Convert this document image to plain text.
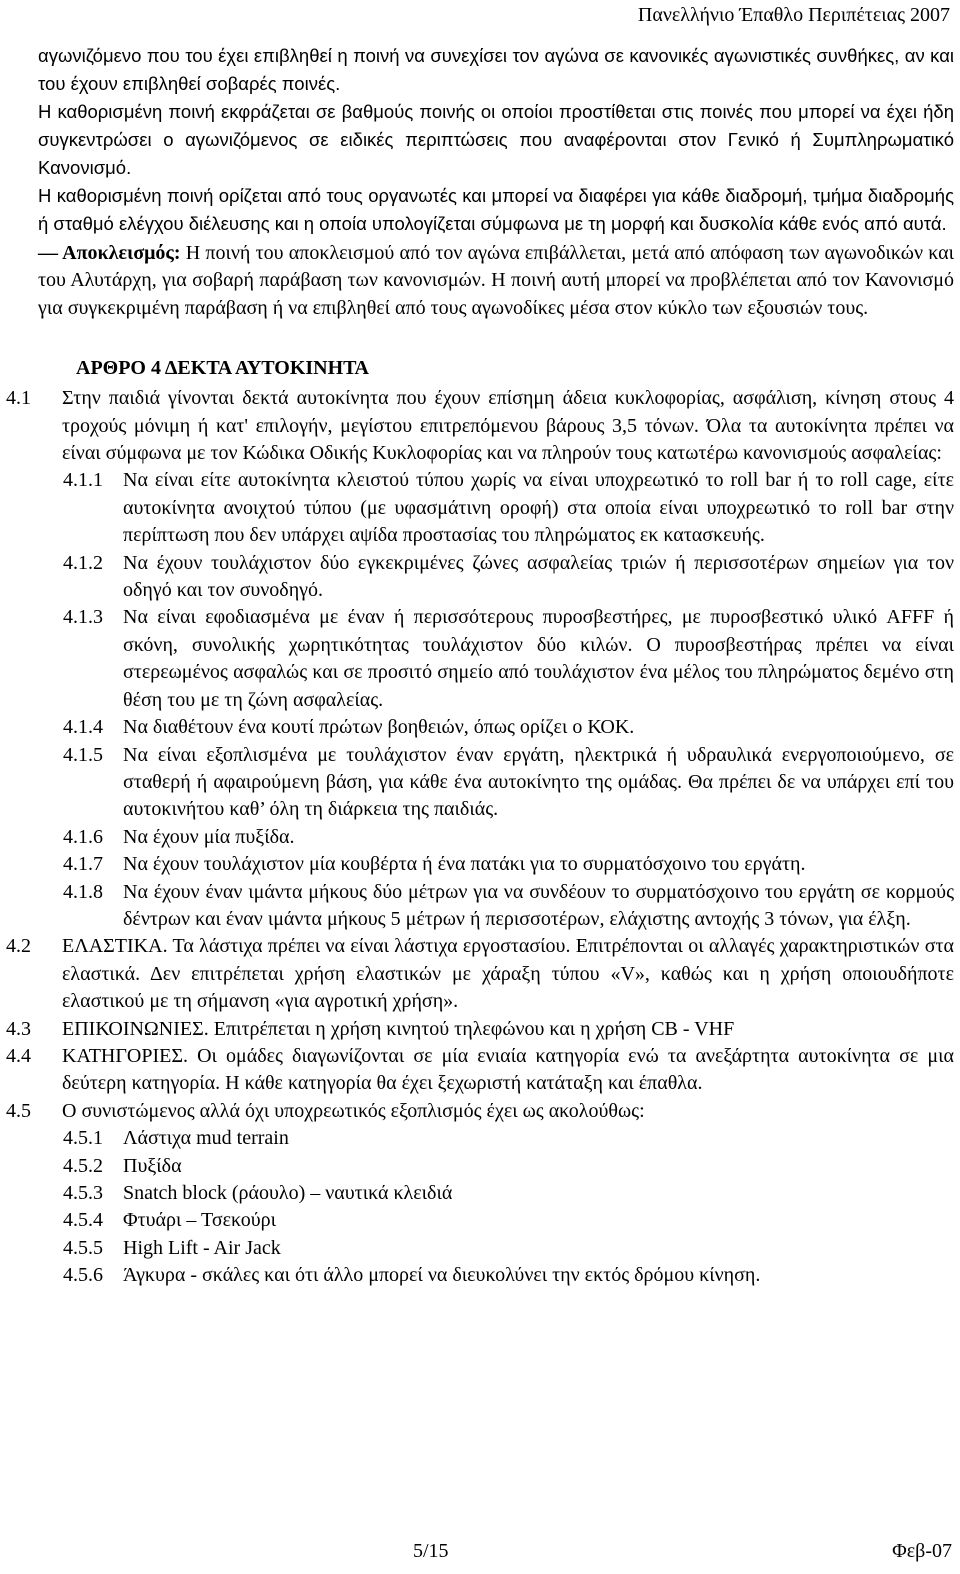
Πανελλήνιο Έπαθλο Περιπέτειας 2007

αγωνιζόμενο που του έχει επιβληθεί η ποινή να συνεχίσει τον αγώνα σε κανονικές αγωνιστικές συνθήκες, αν και του έχουν επιβληθεί σοβαρές ποινές.

Η καθορισμένη ποινή εκφράζεται σε βαθμούς ποινής οι οποίοι προστίθεται στις ποινές που μπορεί να έχει ήδη συγκεντρώσει ο αγωνιζόμενος σε ειδικές περιπτώσεις που αναφέρονται στον Γενικό ή Συμπληρωματικό Κανονισμό.

Η καθορισμένη ποινή ορίζεται από τους οργανωτές και μπορεί να διαφέρει για κάθε διαδρομή, τμήμα διαδρομής ή σταθμό ελέγχου διέλευσης και η οποία υπολογίζεται σύμφωνα με τη μορφή και δυσκολία κάθε ενός από αυτά.

― Αποκλεισμός: Η ποινή του αποκλεισμού από τον αγώνα επιβάλλεται, μετά από απόφαση των αγωνοδικών και του Αλυτάρχη, για σοβαρή παράβαση των κανονισμών. Η ποινή αυτή μπορεί να προβλέπεται από τον Κανονισμό για συγκεκριμένη παράβαση ή να επιβληθεί από τους αγωνοδίκες μέσα στον κύκλο των εξουσιών τους.

ΑΡΘΡΟ 4 ΔΕΚΤΑ ΑΥΤΟΚΙΝΗΤΑ
4.1 Στην παιδιά γίνονται δεκτά αυτοκίνητα που έχουν επίσημη άδεια κυκλοφορίας, ασφάλιση, κίνηση στους 4 τροχούς μόνιμη ή κατ' επιλογήν, μεγίστου επιτρεπόμενου βάρους 3,5 τόνων. Όλα τα αυτοκίνητα πρέπει να είναι σύμφωνα με τον Κώδικα Οδικής Κυκλοφορίας και να πληρούν τους κατωτέρω κανονισμούς ασφαλείας:

4.1.1 Να είναι είτε αυτοκίνητα κλειστού τύπου χωρίς να είναι υποχρεωτικό το roll bar ή το roll cage, είτε αυτοκίνητα ανοιχτού τύπου (με υφασμάτινη οροφή) στα οποία είναι υποχρεωτικό το roll bar στην περίπτωση που δεν υπάρχει αψίδα προστασίας του πληρώματος εκ κατασκευής.

4.1.2 Να έχουν τουλάχιστον δύο εγκεκριμένες ζώνες ασφαλείας τριών ή περισσοτέρων σημείων για τον οδηγό και τον συνοδηγό.

4.1.3 Να είναι εφοδιασμένα με έναν ή περισσότερους πυροσβεστήρες, με πυροσβεστικό υλικό AFFF ή σκόνη, συνολικής χωρητικότητας τουλάχιστον δύο κιλών. Ο πυροσβεστήρας πρέπει να είναι στερεωμένος ασφαλώς και σε προσιτό σημείο από τουλάχιστον ένα μέλος του πληρώματος δεμένο στη θέση του με τη ζώνη ασφαλείας.

4.1.4 Να διαθέτουν ένα κουτί πρώτων βοηθειών, όπως ορίζει ο ΚΟΚ.

4.1.5 Να είναι εξοπλισμένα με τουλάχιστον έναν εργάτη, ηλεκτρικά ή υδραυλικά ενεργοποιούμενο, σε σταθερή ή αφαιρούμενη βάση, για κάθε ένα αυτοκίνητο της ομάδας. Θα πρέπει δε να υπάρχει επί του αυτοκινήτου καθ’ όλη τη διάρκεια της παιδιάς.

4.1.6 Να έχουν μία πυξίδα.

4.1.7 Να έχουν τουλάχιστον μία κουβέρτα ή ένα πατάκι για το συρματόσχοινο του εργάτη.

4.1.8 Να έχουν έναν ιμάντα μήκους δύο μέτρων για να συνδέουν το συρματόσχοινο του εργάτη σε κορμούς δέντρων και έναν ιμάντα μήκους 5 μέτρων ή περισσοτέρων, ελάχιστης αντοχής 3 τόνων, για έλξη.

4.2 ΕΛΑΣΤΙΚΑ. Τα λάστιχα πρέπει να είναι λάστιχα εργοστασίου. Επιτρέπονται οι αλλαγές χαρακτηριστικών στα ελαστικά. Δεν επιτρέπεται χρήση ελαστικών με χάραξη τύπου «V», καθώς και η χρήση οποιουδήποτε ελαστικού με τη σήμανση «για αγροτική χρήση».

4.3 ΕΠΙΚΟΙΝΩΝΙΕΣ. Επιτρέπεται η χρήση κινητού τηλεφώνου και η χρήση CB - VHF

4.4 ΚΑΤΗΓΟΡΙΕΣ. Οι ομάδες διαγωνίζονται σε μία ενιαία κατηγορία ενώ τα ανεξάρτητα αυτοκίνητα σε μια δεύτερη κατηγορία. Η κάθε κατηγορία θα έχει ξεχωριστή κατάταξη και έπαθλα.

4.5 Ο συνιστώμενος αλλά όχι υποχρεωτικός εξοπλισμός έχει ως ακολούθως:

4.5.1 Λάστιχα mud terrain

4.5.2 Πυξίδα

4.5.3 Snatch block (ράουλο) – ναυτικά κλειδιά

4.5.4 Φτυάρι – Τσεκούρι

4.5.5 High Lift - Air Jack

4.5.6 Άγκυρα - σκάλες και ότι άλλο μπορεί να διευκολύνει την εκτός δρόμου κίνηση.

5/15	Φεβ-07
